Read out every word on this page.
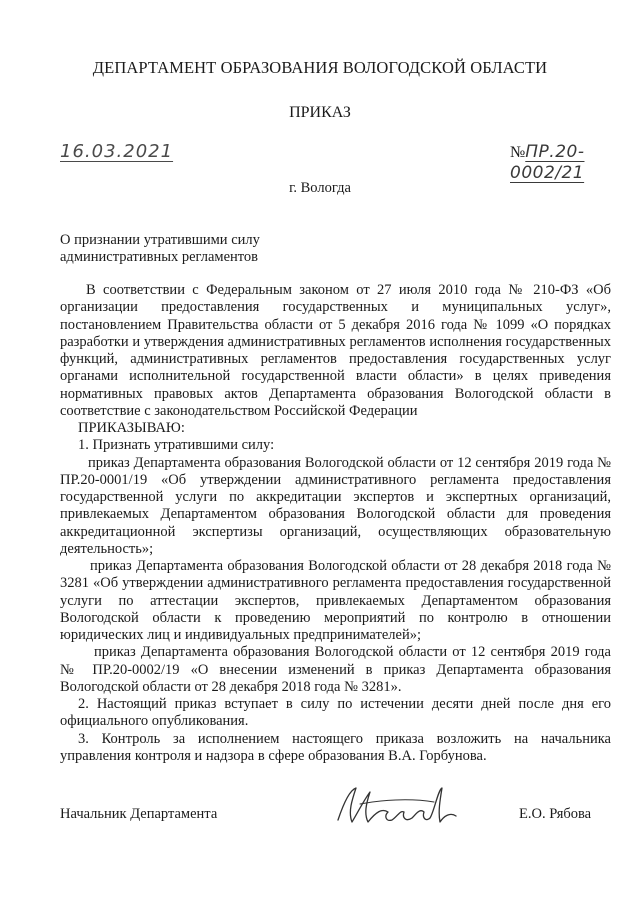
ДЕПАРТАМЕНТ ОБРАЗОВАНИЯ ВОЛОГОДСКОЙ ОБЛАСТИ
ПРИКАЗ
16.03.2021	№ПР.20-0002/21
г. Вологда
О признании утратившими силу
административных регламентов

В соответствии с Федеральным законом от 27 июля 2010 года № 210-ФЗ «Об организации предоставления государственных и муниципальных услуг», постановлением Правительства области от 5 декабря 2016 года № 1099 «О порядках разработки и утверждения административных регламентов исполнения государственных функций, административных регламентов предоставления государственных услуг органами исполнительной государственной власти области» в целях приведения нормативных правовых актов Департамента образования Вологодской области в соответствие с законодательством Российской Федерации

ПРИКАЗЫВАЮ:

1. Признать утратившими силу:

приказ Департамента образования Вологодской области от 12 сентября 2019 года № ПР.20-0001/19 «Об утверждении административного регламента предоставления государственной услуги по аккредитации экспертов и экспертных организаций, привлекаемых Департаментом образования Вологодской области для проведения аккредитационной экспертизы организаций, осуществляющих образовательную деятельность»;

приказ Департамента образования Вологодской области от 28 декабря 2018 года № 3281 «Об утверждении административного регламента предоставления государственной услуги по аттестации экспертов, привлекаемых Департаментом образования Вологодской области к проведению мероприятий по контролю в отношении юридических лиц и индивидуальных предпринимателей»;

приказ Департамента образования Вологодской области от 12 сентября 2019 года № ПР.20-0002/19 «О внесении изменений в приказ Департамента образования Вологодской области от 28 декабря 2018 года № 3281».

2. Настоящий приказ вступает в силу по истечении десяти дней после дня его официального опубликования.

3. Контроль за исполнением настоящего приказа возложить на начальника управления контроля и надзора в сфере образования В.А. Горбунова.

Начальник Департамента	Е.О. Рябова
